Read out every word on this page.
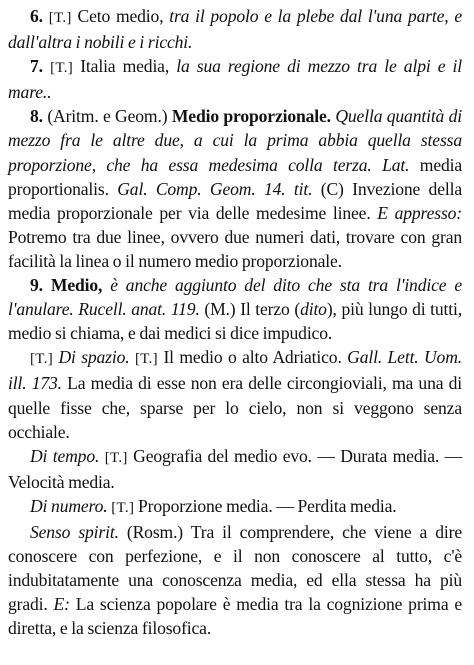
6. [T.] Ceto medio, tra il popolo e la plebe dal l'una parte, e dall'altra i nobili e i ricchi.

7. [T.] Italia media, la sua regione di mezzo tra le alpi e il mare..

8. (Aritm. e Geom.) Medio proporzionale. Quella quantità di mezzo fra le altre due, a cui la prima abbia quella stessa proporzione, che ha essa medesima colla terza. Lat. media proportionalis. Gal. Comp. Geom. 14. tit. (C) Invezione della media proporzionale per via delle medesime linee. E appresso: Potremo tra due linee, ovvero due numeri dati, trovare con gran facilità la linea o il numero medio proporzionale.

9. Medio, è anche aggiunto del dito che sta tra l'indice e l'anulare. Rucell. anat. 119. (M.) Il terzo (dito), più lungo di tutti, medio si chiama, e dai medici si dice impudico.

[T.] Di spazio. [T.] Il medio o alto Adriatico. Gall. Lett. Uom. ill. 173. La media di esse non era delle circongioviali, ma una di quelle fisse che, sparse per lo cielo, non si veggono senza occhiale.

Di tempo. [T.] Geografia del medio evo. — Durata media. — Velocità media.

Di numero. [T.] Proporzione media. — Perdita media.

Senso spirit. (Rosm.) Tra il comprendere, che viene a dire conoscere con perfezione, e il non conoscere al tutto, c'è indubitatamente una conoscenza media, ed ella stessa ha più gradi. E: La scienza popolare è media tra la cognizione prima e diretta, e la scienza filosofica.
